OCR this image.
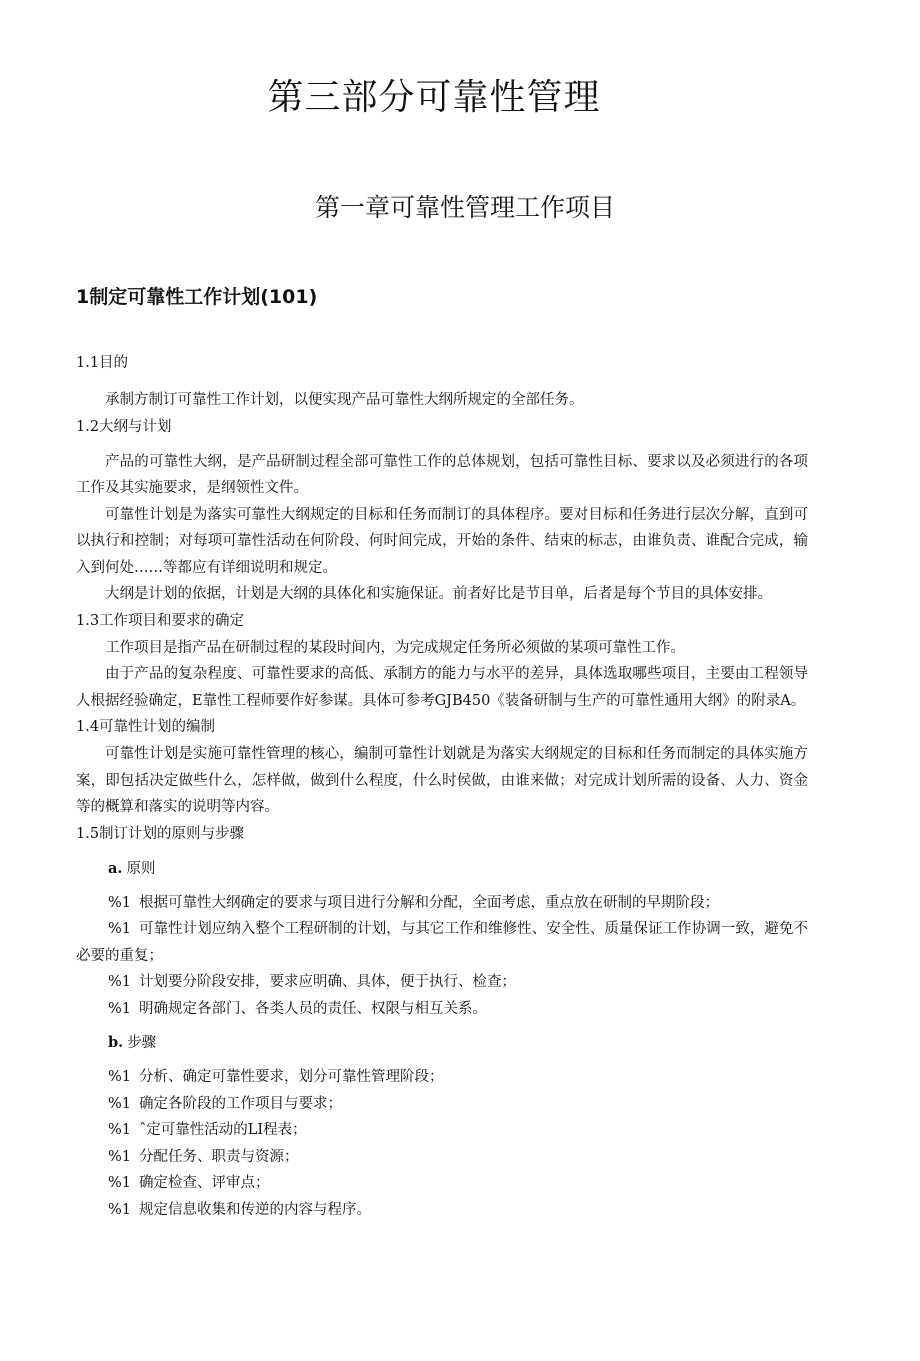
第三部分可靠性管理
第一章可靠性管理工作项目
1制定可靠性工作计划(101)

1.1目的

承制方制订可靠性工作计划，以便实现产品可靠性大纲所规定的全部任务。

1.2大纲与计划

产品的可靠性大纲，是产品研制过程全部可靠性工作的总体规划，包括可靠性目标、要求以及必须进行的各项工作及其实施要求，是纲领性文件。

可靠性计划是为落实可靠性大纲规定的目标和任务而制订的具体程序。要对目标和任务进行层次分解，直到可以执行和控制；对每项可靠性活动在何阶段、何时间完成，开始的条件、结束的标志，由谁负责、谁配合完成，输入到何处……等都应有详细说明和规定。

大纲是计划的依据，计划是大纲的具体化和实施保证。前者好比是节目单，后者是每个节目的具体安排。

1.3工作项目和要求的确定

工作项目是指产品在研制过程的某段时间内，为完成规定任务所必须做的某项可靠性工作。

由于产品的复杂程度、可靠性要求的高低、承制方的能力与水平的差异，具体选取哪些项目，主要由工程领导人根据经验确定，E靠性工程师要作好参谋。具体可参考GJB450《装备研制与生产的可靠性通用大纲》的附录A。

1.4可靠性计划的编制

可靠性计划是实施可靠性管理的核心，编制可靠性计划就是为落实大纲规定的目标和任务而制定的具体实施方案，即包括决定做些什么，怎样做，做到什么程度，什么时侯做，由谁来做；对完成计划所需的设备、人力、资金等的概算和落实的说明等内容。

1.5制订计划的原则与步骤

a. 原则

%1 根据可靠性大纲确定的要求与项目进行分解和分配，全面考虑，重点放在研制的早期阶段；

%1 可靠性计划应纳入整个工程研制的计划，与其它工作和维修性、安全性、质量保证工作协调一致，避免不必要的重复；

%1 计划要分阶段安排，要求应明确、具体，便于执行、检查；

%1 明确规定各部门、各类人员的责任、权限与相互关系。

b. 步骤

%1 分析、确定可靠性要求，划分可靠性管理阶段；

%1 确定各阶段的工作项目与要求；

%1 ˆ定可靠性活动的LI程表；

%1 分配任务、职责与资源；

%1 确定检查、评审点；

%1 规定信息收集和传逆的内容与程序。
